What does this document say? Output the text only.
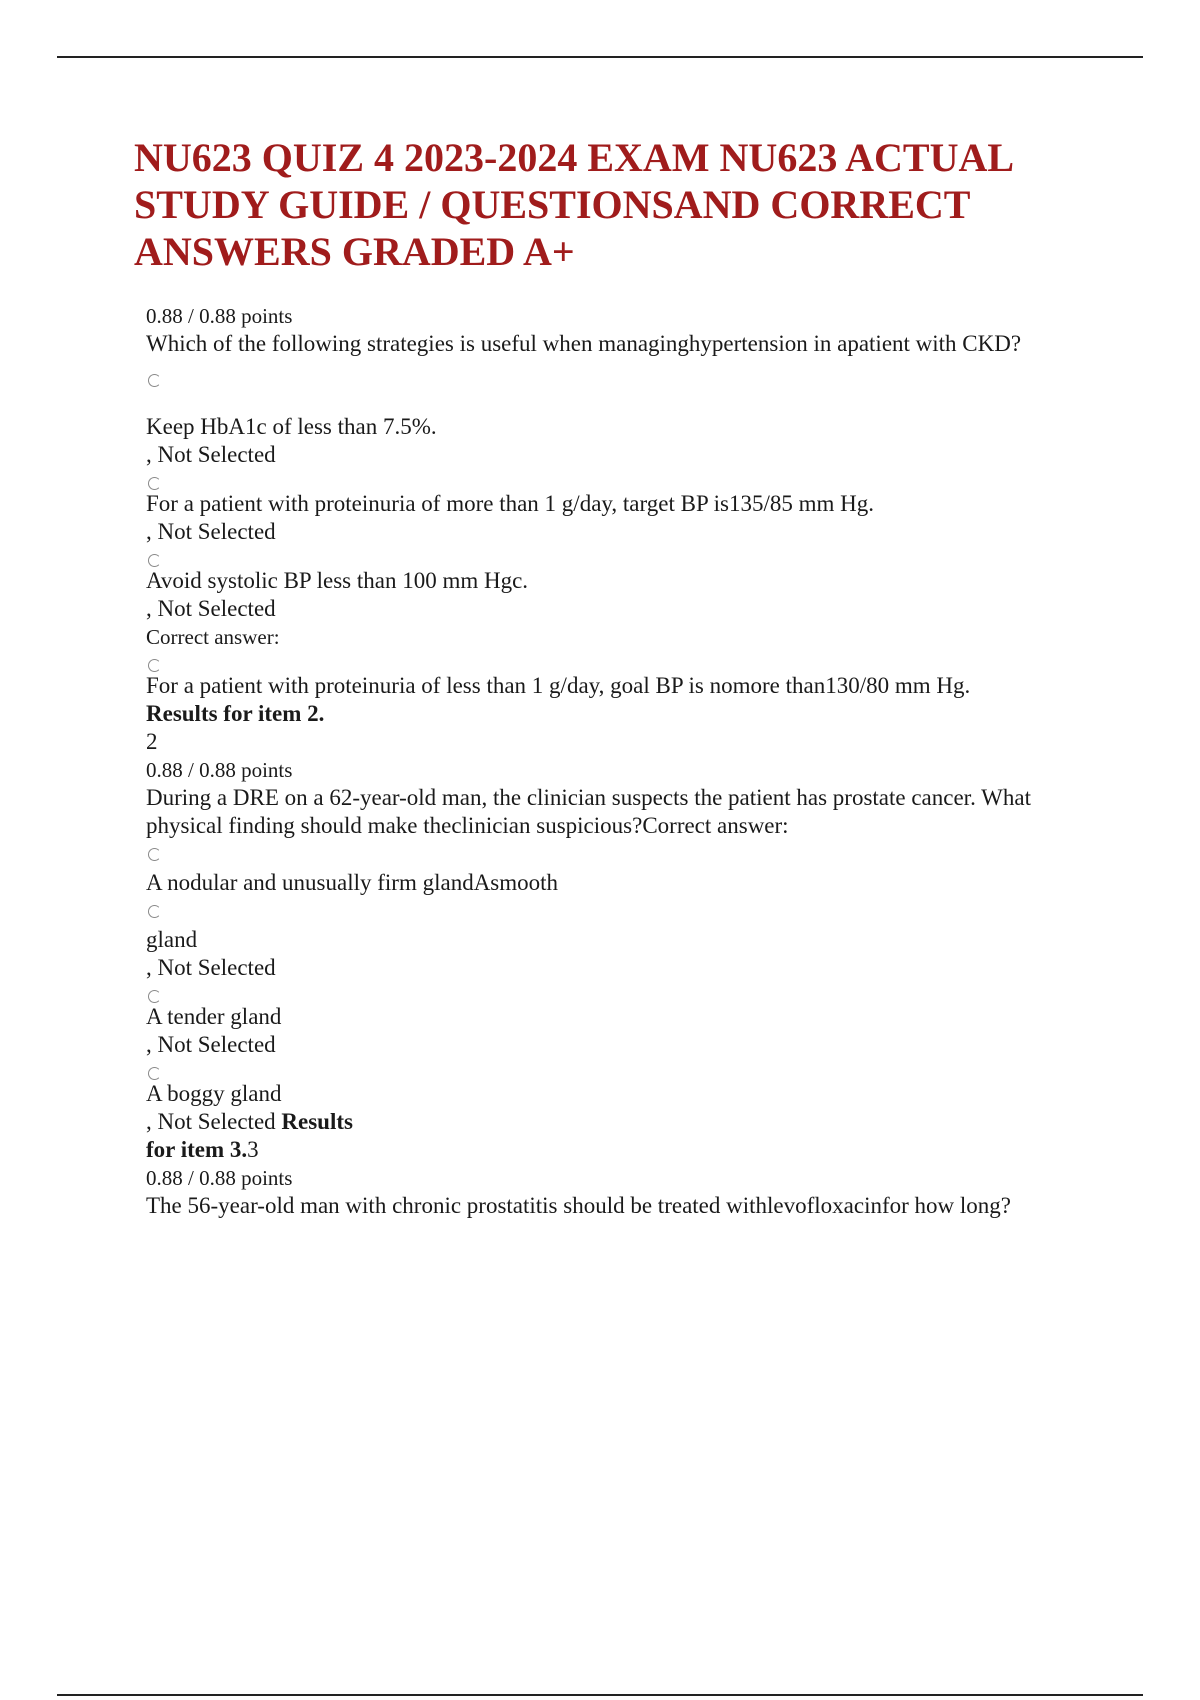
NU623 QUIZ 4 2023-2024 EXAM NU623 ACTUAL STUDY GUIDE / QUESTIONSAND CORRECT ANSWERS GRADED A+

0.88 / 0.88 points

Which of the following strategies is useful when managinghypertension in apatient with CKD?

Keep HbA1c of less than 7.5%.

, Not Selected

For a patient with proteinuria of more than 1 g/day, target BP is135/85 mm Hg.

, Not Selected

Avoid systolic BP less than 100 mm Hgc.

, Not Selected

Correct answer:

For a patient with proteinuria of less than 1 g/day, goal BP is nomore than130/80 mm Hg.

Results for item 2.

2

0.88 / 0.88 points

During a DRE on a 62-year-old man, the clinician suspects the patient has prostate cancer. What physical finding should make theclinician suspicious?Correct answer:

A nodular and unusually firm glandAsmooth

gland

, Not Selected

A tender gland

, Not Selected

A boggy gland

, Not Selected Results

for item 3.3

0.88 / 0.88 points

The 56-year-old man with chronic prostatitis should be treated withlevofloxacinfor how long?
